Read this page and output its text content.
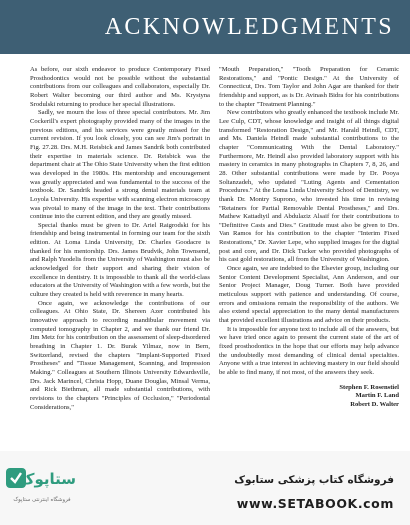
ACKNOWLEDGMENTS

As before, our sixth endeavor to produce Contemporary Fixed Prosthodontics would not be possible without the substantial contributions from our colleagues and collaborators, especially Dr. Robert Walter becoming our third author and Ms. Krystyna Srodulski returning to produce her special illustrations.

Sadly, we mourn the loss of three special contributors. Mr. Jim Cockerill's expert photography provided many of the images in the previous editions, and his services were greatly missed for the current revision. If you look closely, you can see Jim's portrait in Fig. 27.28. Drs. M.H. Reisbick and James Sandrik both contributed their expertise in materials science. Dr. Reisbick was the department chair at The Ohio State University when the first edition was developed in the 1980s. His mentorship and encouragement was greatly appreciated and was fundamental to the success of the textbook. Dr. Sandrik headed a strong dental materials team at Loyola University. His expertise with scanning electron microscopy was pivotal to many of the image in the text. Their contributions continue into the current edition, and they are greatly missed.

Special thanks must be given to Dr. Ariel Raigrodski for his friendship and being instrumental in forming our team for the sixth edition. At Loma Linda University, Dr. Charles Goodacre is thanked for his mentorship. Drs. James Brudvik, John Townsend, and Ralph Yuodelis from the University of Washington must also be acknowledged for their support and sharing their vision of excellence in dentistry. It is impossible to thank all the world-class educators at the University of Washington with a few words, but the culture they created is held with reverence in many hearts.

Once again, we acknowledge the contributions of our colleagues. At Ohio State, Dr. Shereen Azer contributed his innovative approach to recording mandibular movement via computed tomography in Chapter 2, and we thank our friend Dr. Jim Metz for his contribution on the assessment of sleep-disordered breathing in Chapter 1. Dr. Burak Yilmaz, now in Bern, Switzerland, revised the chapters "Implant-Supported Fixed Prostheses" and "Tissue Management, Scanning, and Impression Making." Colleagues at Southern Illinois University Edwardsville, Drs. Jack Marincel, Christa Hopp, Duane Douglas, Minsal Verma, and Rick Biethman, all made substantial contributions, with revisions to the chapters "Principles of Occlusion," "Periodontal Considerations,"

"Mouth Preparation," "Tooth Preparation for Ceramic Restorations," and "Pontic Design." At the University of Connecticut, Drs. Tom Taylor and John Agar are thanked for their friendship and support, as is Dr. Avinash Bidra for his contributions to the chapter "Treatment Planning."

New contributors who greatly enhanced the textbook include Mr. Lee Culp, CDT, whose knowledge and insight of all things digital transformed "Restoration Design," and Mr. Harald Heindl, CDT, and Ms. Daniela Heindl made substantial contributions to the chapter "Communicating With the Dental Laboratory." Furthermore, Mr. Heindl also provided laboratory support with his mastery in ceramics in many photographs in Chapters 7, 8, 26, and 28. Other substantial contributions were made by Dr. Pooya Soltanzadeh, who updated "Luting Agents and Cementation Procedures." At the Loma Linda University School of Dentistry, we thank Dr. Montry Suprono, who invested his time in revising "Retainers for Partial Removable Dental Prostheses," and Drs. Mathew Kattadiyil and Abdulaziz Alsaif for their contributions to "Definitive Casts and Dies." Gratitude must also be given to Drs. Van Ramos for his contribution to the chapter "Interim Fixed Restorations," Dr. Xavier Lepe, who supplied images for the digital post and core, and Dr. Dick Tucker who provided photographs of his cast gold restorations, all from the University of Washington.

Once again, we are indebted to the Elsevier group, including our Senior Content Development Specialist, Ann Anderson, and our Senior Project Manager, Doug Turner. Both have provided meticulous support with patience and understanding. Of course, errors and omissions remain the responsibility of the authors. We also extend special appreciation to the many dental manufacturers that provided excellent illustrations and advice on their products.

It is impossible for anyone text to include all of the answers, but we have tried once again to present the current state of the art of fixed prosthodontics in the hope that our efforts may help advance the undoubtedly most demanding of clinical dental specialties. Anyone with a true interest in achieving mastery in our field should be able to find many, if not most, of the answers they seek.

Stephen F. Rosenstiel
Martin F. Land
Robert D. Walter
ستاپوک
فروشگاه اینترنتی ستاپوک
فروشگاه کتاب پزشکی ستابوک
www.SETABOOK.com
